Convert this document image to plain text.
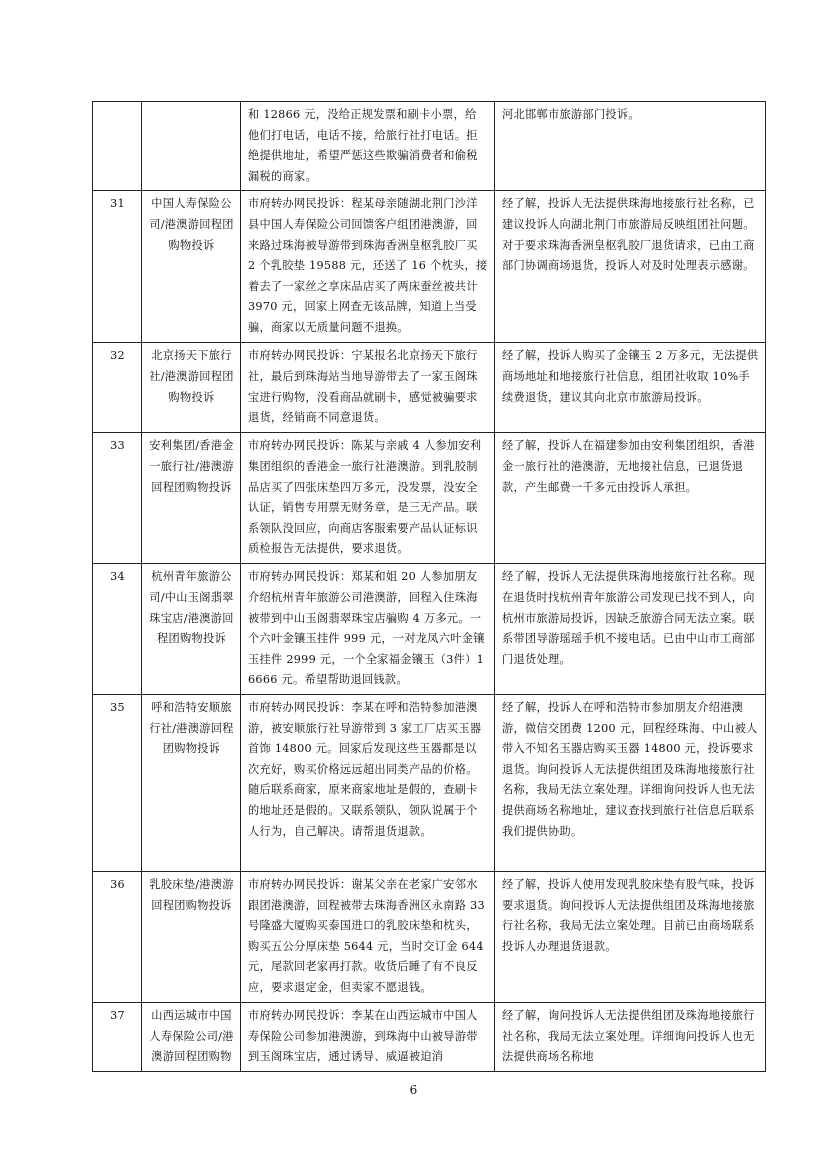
		和 12866 元，没给正规发票和刷卡小票，给他们打电话，电话不接，给旅行社打电话。拒绝提供地址，希望严惩这些欺骗消费者和偷税漏税的商家。	河北邯郸市旅游部门投诉。
31	中国人寿保险公司/港澳游回程团购物投诉	市府转办网民投诉：程某母亲随湖北荆门沙洋县中国人寿保险公司回馈客户组团港澳游，回来路过珠海被导游带到珠海香洲皇枢乳胶厂买 2 个乳胶垫 19588 元，还送了 16 个枕头，接着去了一家丝之享床品店买了两床蚕丝被共计 3970 元，回家上网查无该品牌，知道上当受骗，商家以无质量问题不退换。	经了解，投诉人无法提供珠海地接旅行社名称，已建议投诉人向湖北荆门市旅游局反映组团社问题。对于要求珠海香洲皇枢乳胶厂退货请求，已由工商部门协调商场退货，投诉人对及时处理表示感谢。
32	北京扬天下旅行社/港澳游回程团购物投诉	市府转办网民投诉：宁某报名北京扬天下旅行社，最后到珠海站当地导游带去了一家玉阁珠宝进行购物，没看商品就刷卡，感觉被骗要求退货，经销商不同意退货。	经了解，投诉人购买了金镶玉 2 万多元，无法提供商场地址和地接旅行社信息，组团社收取 10%手续费退货，建议其向北京市旅游局投诉。
33	安利集团/香港金一旅行社/港澳游回程团购物投诉	市府转办网民投诉：陈某与亲戚 4 人参加安利集团组织的香港金一旅行社港澳游。到乳胶制品店买了四张床垫四万多元，没发票，没安全认证，销售专用票无财务章，是三无产品。联系领队没回应，向商店客服索要产品认证标识质检报告无法提供，要求退货。	经了解，投诉人在福建参加由安利集团组织，香港金一旅行社的港澳游，无地接社信息，已退货退款，产生邮费一千多元由投诉人承担。
34	杭州青年旅游公司/中山玉阁翡翠珠宝店/港澳游回程团购物投诉	市府转办网民投诉：郑某和姐 20 人参加朋友介绍杭州青年旅游公司港澳游，回程入住珠海被带到中山玉阁翡翠珠宝店骗购 4 万多元。一个六叶金镶玉挂件 999 元，一对龙凤六叶金镶玉挂件 2999 元，一个全家福金镶玉（3件）16666 元。希望帮助退回钱款。	经了解，投诉人无法提供珠海地接旅行社名称。现在退货时找杭州青年旅游公司发现已找不到人，向杭州市旅游局投诉，因缺乏旅游合同无法立案。联系带团导游瑶瑶手机不接电话。已由中山市工商部门退货处理。
35	呼和浩特安顺旅行社/港澳游回程团购物投诉	市府转办网民投诉：李某在呼和浩特参加港澳游，被安顺旅行社导游带到 3 家工厂店买玉器首饰 14800 元。回家后发现这些玉器都是以次充好，购买价格远远超出同类产品的价格。随后联系商家，原来商家地址是假的，查刷卡的地址还是假的。又联系领队，领队说属于个人行为，自己解决。请帮退货退款。	经了解，投诉人在呼和浩特市参加朋友介绍港澳游，微信交团费 1200 元，回程经珠海、中山被人带入不知名玉器店购买玉器 14800 元，投诉要求退货。询问投诉人无法提供组团及珠海地接旅行社名称，我局无法立案处理。详细询问投诉人也无法提供商场名称地址，建议查找到旅行社信息后联系我们提供协助。
36	乳胶床垫/港澳游回程团购物投诉	市府转办网民投诉：谢某父亲在老家广安邻水跟团港澳游，回程被带去珠海香洲区永南路 33 号隆盛大厦购买泰国进口的乳胶床垫和枕头，购买五公分厚床垫 5644 元，当时交订金 644 元，尾款回老家再打款。收货后睡了有不良反应，要求退定金，但卖家不愿退钱。	经了解，投诉人使用发现乳胶床垫有股气味，投诉要求退货。询问投诉人无法提供组团及珠海地接旅行社名称，我局无法立案处理。目前已由商场联系投诉人办理退货退款。
37	山西运城市中国人寿保险公司/港澳游回程团购物	市府转办网民投诉：李某在山西运城市中国人寿保险公司参加港澳游，到珠海中山被导游带到玉阁珠宝店，通过诱导、威逼被迫消	经了解，询问投诉人无法提供组团及珠海地接旅行社名称，我局无法立案处理。详细询问投诉人也无法提供商场名称地
6
